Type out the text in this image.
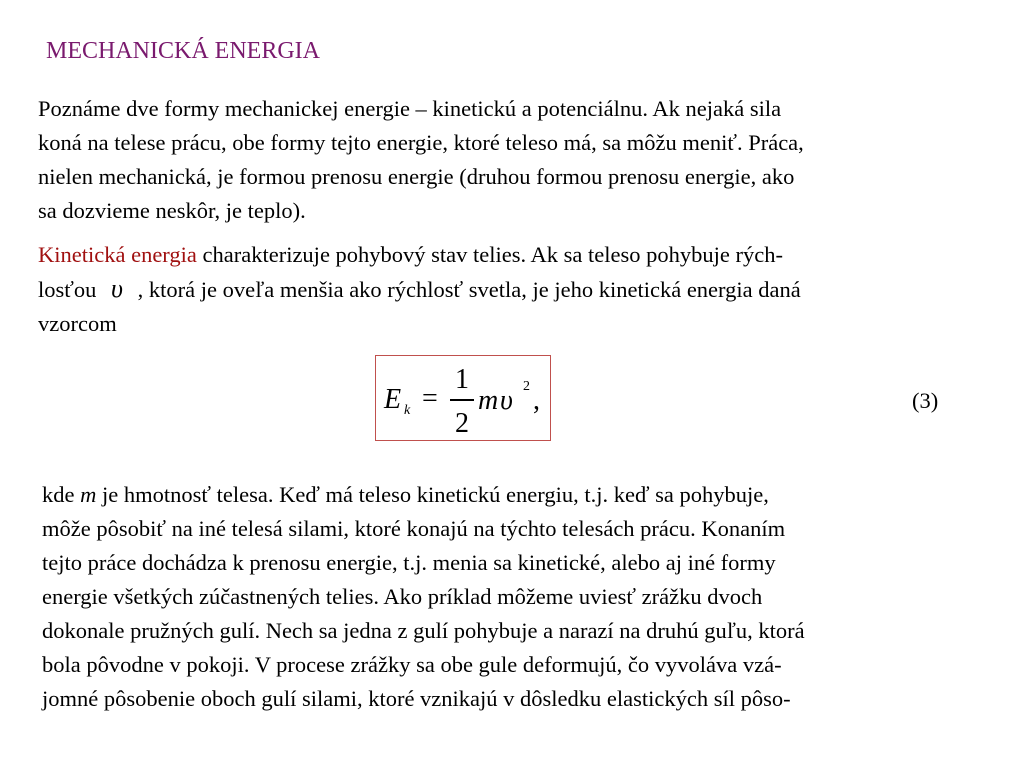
MECHANICKÁ ENERGIA
Poznáme dve formy mechanickej energie – kinetickú a potenciálnu. Ak nejaká sila
koná na telese prácu, obe formy tejto energie, ktoré teleso má, sa môžu meniť. Práca,
nielen mechanická, je formou prenosu energie (druhou formou prenosu energie, ako
sa dozvieme neskôr, je teplo).
Kinetická energia charakterizuje pohybový stav telies. Ak sa teleso pohybuje rých-
losťou υ , ktorá je oveľa menšia ako rýchlosť svetla, je jeho kinetická energia daná
vzorcom
E k =
1
2
m υ 2 ,	(3)
kde m je hmotnosť telesa. Keď má teleso kinetickú energiu, t.j. keď sa pohybuje,
môže pôsobiť na iné telesá silami, ktoré konajú na týchto telesách prácu. Konaním
tejto práce dochádza k prenosu energie, t.j. menia sa kinetické, alebo aj iné formy
energie všetkých zúčastnených telies. Ako príklad môžeme uviesť zrážku dvoch
dokonale pružných gulí. Nech sa jedna z gulí pohybuje a narazí na druhú guľu, ktorá
bola pôvodne v pokoji. V procese zrážky sa obe gule deformujú, čo vyvoláva vzá-
jomné pôsobenie oboch gulí silami, ktoré vznikajú v dôsledku elastických síl pôso-
